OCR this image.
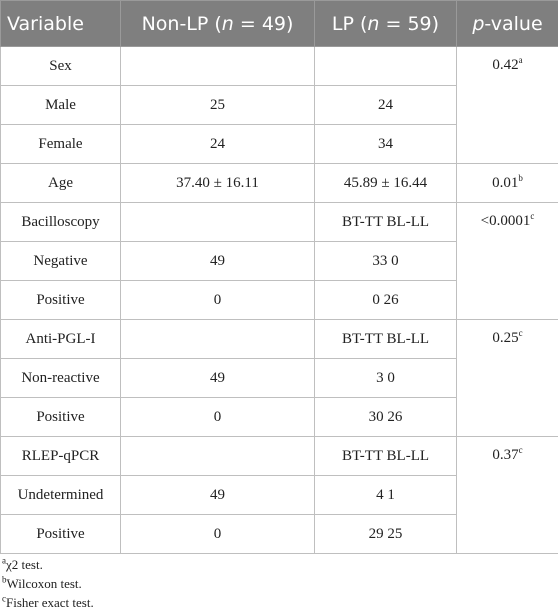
Variable	Non-LP (n = 49)	LP (n = 59)	p-value
Sex			0.42$^a$
Male	25	24	
Female	24	34	
Age	37.40 ± 16.11	45.89 ± 16.44	0.01$^b$
Bacilloscopy		BT-TT BL-LL	<0.0001$^c$
Negative	49	33 0	
Positive	0	0 26	
Anti-PGL-I		BT-TT BL-LL	0.25$^c$
Non-reactive	49	3 0	
Positive	0	30 26	
RLEP-qPCR		BT-TT BL-LL	0.37$^c$
Undetermined	49	4 1	
Positive	0	29 25	
$^a$χ2 test.
$^b$Wilcoxon test.
$^c$Fisher exact test.
